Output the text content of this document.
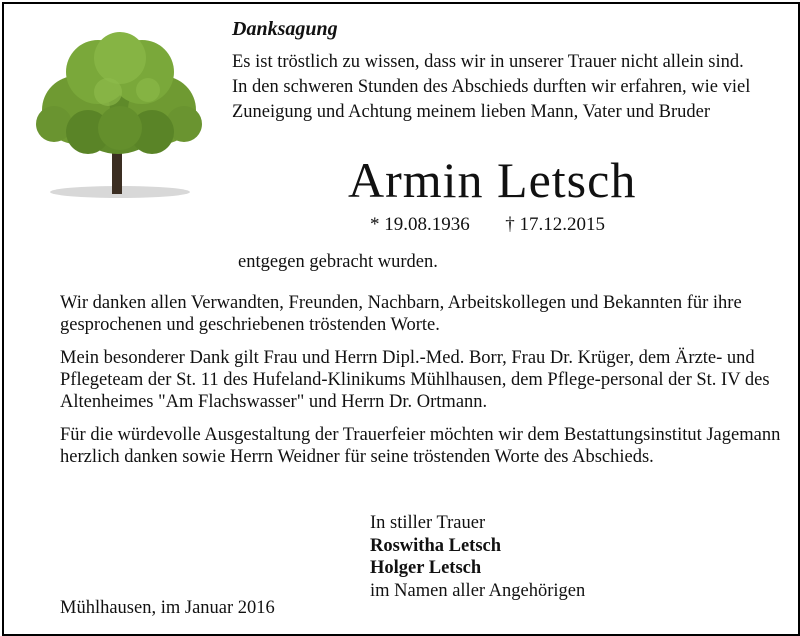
Danksagung

Es ist tröstlich zu wissen, dass wir in unserer Trauer nicht allein sind.

In den schweren Stunden des Abschieds durften wir erfahren, wie viel Zuneigung und Achtung meinem lieben Mann, Vater und Bruder

Armin Letsch
* 19.08.1936 † 17.12.2015
entgegen gebracht wurden.

Wir danken allen Verwandten, Freunden, Nachbarn, Arbeitskollegen und Bekannten für ihre gesprochenen und geschriebenen tröstenden Worte.

Mein besonderer Dank gilt Frau und Herrn Dipl.-Med. Borr, Frau Dr. Krüger, dem Ärzte- und Pflegeteam der St. 11 des Hufeland-Klinikums Mühlhausen, dem Pflege-personal der St. IV des Altenheimes "Am Flachswasser" und Herrn Dr. Ortmann.

Für die würdevolle Ausgestaltung der Trauerfeier möchten wir dem Bestattungsinstitut Jagemann herzlich danken sowie Herrn Weidner für seine tröstenden Worte des Abschieds.

In stiller Trauer
Roswitha Letsch
Holger Letsch
im Namen aller Angehörigen
Mühlhausen, im Januar 2016
